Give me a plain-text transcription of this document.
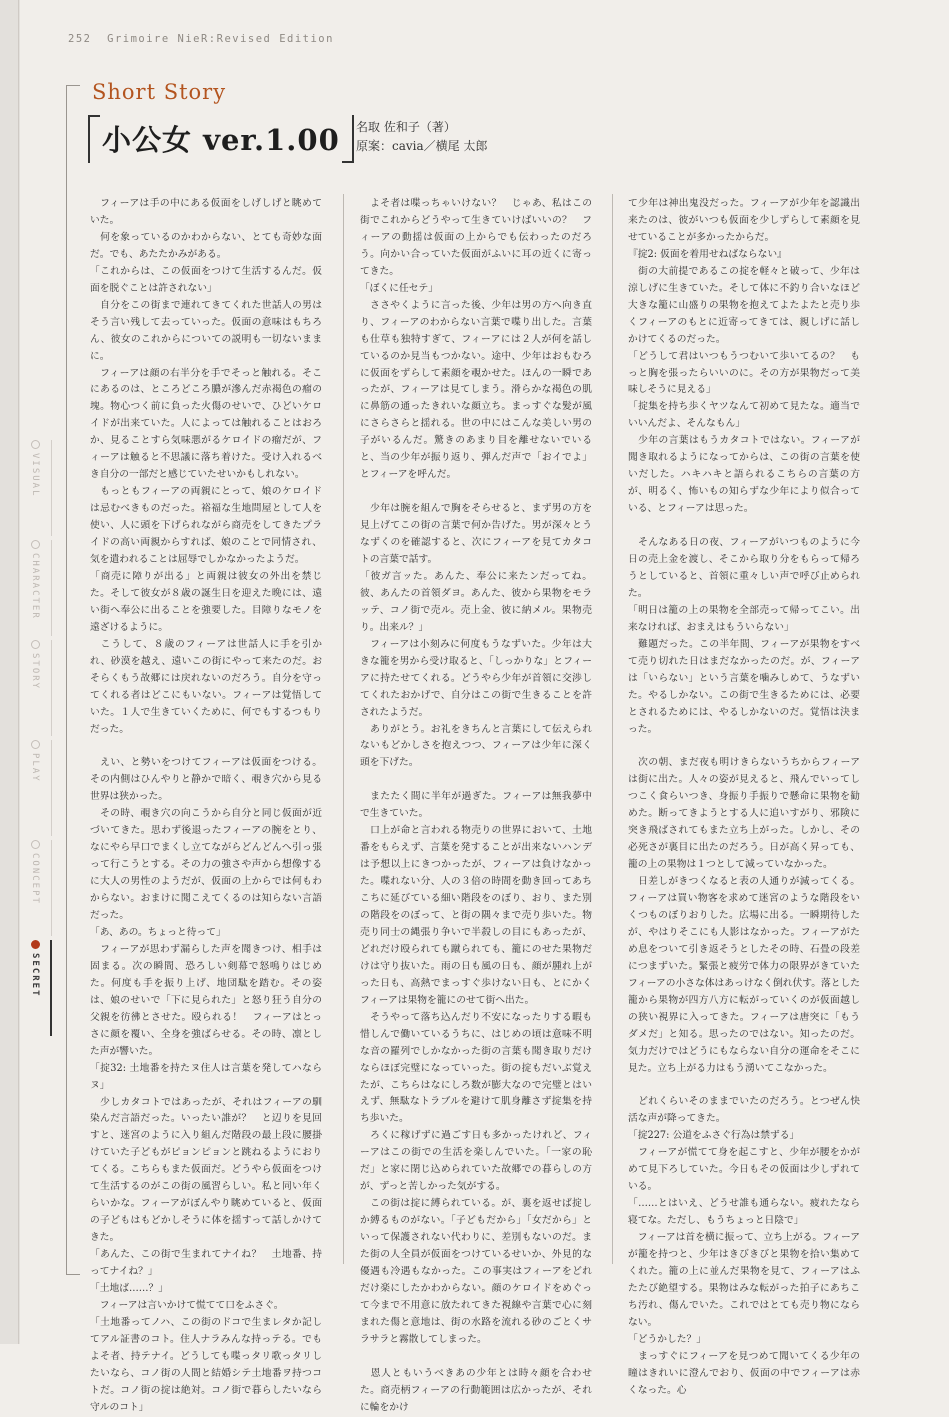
252 Grimoire NieR:Revised Edition
Short Story
小公女 ver.1.00 名取 佐和子（著）
原案：cavia／横尾 太郎
VISUAL
CHARACTER
STORY
PLAY
CONCEPT
SECRET

　フィーアは手の中にある仮面をしげしげと眺めていた。

　何を象っているのかわからない、とても奇妙な面だ。でも、あたたかみがある。

「これからは、この仮面をつけて生活するんだ。仮面を脱ぐことは許されない」

　自分をこの街まで連れてきてくれた世話人の男はそう言い残して去っていった。仮面の意味はもちろん、彼女のこれからについての説明も一切ないままに。

　フィーアは顔の右半分を手でそっと触れる。そこにあるのは、ところどころ膿が滲んだ赤褐色の瘤の塊。物心つく前に負った火傷のせいで、ひどいケロイドが出来ていた。人によっては触れることはおろか、見ることすら気味悪がるケロイドの瘤だが、フィーアは触ると不思議に落ち着けた。受け入れるべき自分の一部だと感じていたせいかもしれない。

　もっともフィーアの両親にとって、娘のケロイドは忌むべきものだった。裕福な生地問屋として人を使い、人に頭を下げられながら商売をしてきたプライドの高い両親からすれば、娘のことで同情され、気を遣われることは屈辱でしかなかったようだ。

「商売に障りが出る」と両親は彼女の外出を禁じた。そして彼女が８歳の誕生日を迎えた晩には、遠い街へ奉公に出ることを強要した。目障りなモノを遠ざけるように。

　こうして、８歳のフィーアは世話人に手を引かれ、砂漠を越え、遠いこの街にやって来たのだ。おそらくもう故郷には戻れないのだろう。自分を守ってくれる者はどこにもいない。フィーアは覚悟していた。１人で生きていくために、何でもするつもりだった。

　えい、と勢いをつけてフィーアは仮面をつける。その内側はひんやりと静かで暗く、覗き穴から見る世界は狭かった。

　その時、覗き穴の向こうから自分と同じ仮面が近づいてきた。思わず後退ったフィーアの腕をとり、なにやら早口でまくし立てながらどんどんへ引っ張って行こうとする。その力の強さや声から想像するに大人の男性のようだが、仮面の上からでは何もわからない。おまけに聞こえてくるのは知らない言語だった。

「あ、あの。ちょっと待って」

　フィーアが思わず漏らした声を聞きつけ、相手は固まる。次の瞬間、恐ろしい剣幕で怒鳴りはじめた。何度も手を振り上げ、地団駄を踏む。その姿は、娘のせいで「下に見られた」と怒り狂う自分の父親を彷彿とさせた。殴られる！　フィーアはとっさに顔を覆い、全身を強ばらせる。その時、凛とした声が響いた。

「掟32: 土地番を持たヌ住人は言葉を発してハならヌ」

　少しカタコトではあったが、それはフィーアの馴染んだ言語だった。いったい誰が？　と辺りを見回すと、迷宮のように入り組んだ階段の最上段に腰掛けていた子どもがピョンピョンと跳ねるようにおりてくる。こちらもまた仮面だ。どうやら仮面をつけて生活するのがこの街の風習らしい。私と同い年くらいかな。フィーアがぽんやり眺めていると、仮面の子どもはもどかしそうに体を揺すって話しかけてきた。

「あんた、この街で生まれてナイね？　土地番、持ってナイね？」

「土地ば……？」

　フィーアは言いかけて慌てて口をふさぐ。

「土地番ってノハ、この街のドコで生まレタか記してアル証書のコト。住人ナラみんな持っテる。でもよそ者、持テナイ。どうしても喋っタリ歌っタリしたいなら、コノ街の人間と結婚シテ土地番ヲ持つコトだ。コノ街の掟は絶対。コノ街で暮らしたいなら守ルのコト」

　よそ者は喋っちゃいけない？　じゃあ、私はこの街でこれからどうやって生きていけばいいの？　フィーアの動揺は仮面の上からでも伝わったのだろう。向かい合っていた仮面がふいに耳の近くに寄ってきた。

「ぼくに任セテ」

　ささやくように言った後、少年は男の方へ向き直り、フィーアのわからない言葉で喋り出した。言葉も仕草も独特すぎて、フィーアには２人が何を話しているのか見当もつかない。途中、少年はおもむろに仮面をずらして素顔を覗かせた。ほんの一瞬であったが、フィーアは見てしまう。滑らかな褐色の肌に鼻筋の通ったきれいな顔立ち。まっすぐな髪が風にさらさらと揺れる。世の中にはこんな美しい男の子がいるんだ。驚きのあまり目を離せないでいると、当の少年が振り返り、弾んだ声で「おイでよ」とフィーアを呼んだ。

　少年は腕を組んで胸をそらせると、まず男の方を見上げてこの街の言葉で何か告げた。男が深々とうなずくのを確認すると、次にフィーアを見てカタコトの言葉で話す。

「彼ガ言ッた。あんた、奉公に来たンだってね。彼、あんたの首領ダヨ。あんた、彼から果物をモラッテ、コノ街で売ル。売上金、彼に納メル。果物売り。出来ル？」

　フィーアは小刻みに何度もうなずいた。少年は大きな籠を男から受け取ると、「しっかりな」とフィーアに持たせてくれる。どうやら少年が首領に交渉してくれたおかげで、自分はこの街で生きることを許されたようだ。

　ありがとう。お礼をきちんと言葉にして伝えられないもどかしさを抱えつつ、フィーアは少年に深く頭を下げた。

　またたく間に半年が過ぎた。フィーアは無我夢中で生きていた。

　口上が命と言われる物売りの世界において、土地番をもらえず、言葉を発することが出来ないハンデは予想以上にきつかったが、フィーアは負けなかった。喋れない分、人の３倍の時間を動き回ってあちこちに延びている細い階段をのぼり、おり、また別の階段をのぼって、と街の隅々まで売り歩いた。物売り同士の縄張り争いで半殺しの目にもあったが、どれだけ殴られても蹴られても、籠にのせた果物だけは守り抜いた。雨の日も風の日も、顔が腫れ上がった日も、高熱でまっすぐ歩けない日も、とにかくフィーアは果物を籠にのせて街へ出た。

　そうやって落ち込んだり不安になったりする暇も惜しんで働いているうちに、はじめの頃は意味不明な音の羅列でしかなかった街の言葉も聞き取りだけならほぼ完璧になっていった。街の掟もだいぶ覚えたが、こちらはなにしろ数が膨大なので完璧とはいえず、無駄なトラブルを避けて肌身離さず掟集を持ち歩いた。

　ろくに稼げずに過ごす日も多かったけれど、フィーアはこの街での生活を楽しんでいた。「一家の恥だ」と家に閉じ込められていた故郷での暮らしの方が、ずっと苦しかった気がする。

　この街は掟に縛られている。が、裏を返せば掟しか縛るものがない。「子どもだから」「女だから」といって保護されない代わりに、差別もないのだ。また街の人全員が仮面をつけているせいか、外見的な優遇も冷遇もなかった。この事実はフィーアをどれだけ楽にしたかわからない。顔のケロイドをめぐって今まで不用意に放たれてきた視線や言葉で心に刻まれた傷と意地は、街の水路を流れる砂のごとくサラサラと霧散してしまった。

　恩人ともいうべきあの少年とは時々顔を合わせた。商売柄フィーアの行動範囲は広かったが、それに輪をかけ

て少年は神出鬼没だった。フィーアが少年を認識出来たのは、彼がいつも仮面を少しずらして素顔を見せていることが多かったからだ。

『掟2: 仮面を着用せねばならない』

　街の大前提であるこの掟を軽々と破って、少年は涼しげに生きていた。そして体に不釣り合いなほど大きな籠に山盛りの果物を抱えてよたよたと売り歩くフィーアのもとに近寄ってきては、親しげに話しかけてくるのだった。

「どうして君はいつもうつむいて歩いてるの？　もっと胸を張ったらいいのに。その方が果物だって美味しそうに見える」

「掟集を持ち歩くヤツなんて初めて見たな。適当でいいんだよ、そんなもん」

　少年の言葉はもうカタコトではない。フィーアが聞き取れるようになってからは、この街の言葉を使いだした。ハキハキと語られるこちらの言葉の方が、明るく、怖いもの知らずな少年により似合っている、とフィーアは思った。

　そんなある日の夜、フィーアがいつものように今日の売上金を渡し、そこから取り分をもらって帰ろうとしていると、首領に重々しい声で呼び止められた。

「明日は籠の上の果物を全部売って帰ってこい。出来なければ、おまえはもういらない」

　難題だった。この半年間、フィーアが果物をすべて売り切れた日はまだなかったのだ。が、フィーアは「いらない」という言葉を噛みしめて、うなずいた。やるしかない。この街で生きるためには、必要とされるためには、やるしかないのだ。覚悟は決まった。

　次の朝、まだ夜も明けきらないうちからフィーアは街に出た。人々の姿が見えると、飛んでいってしつこく食らいつき、身振り手振りで懸命に果物を勧めた。断ってきようとする人に追いすがり、邪険に突き飛ばされてもまた立ち上がった。しかし、その必死さが裏目に出たのだろう。日が高く昇っても、籠の上の果物は１つとして減っていなかった。

　日差しがきつくなると表の人通りが減ってくる。フィーアは買い物客を求めて迷宮のような階段をいくつものぼりおりした。広場に出る。一瞬期待したが、やはりそこにも人影はなかった。フィーアがため息をついて引き返そうとしたその時、石畳の段差につまずいた。緊張と疲労で体力の限界がきていたフィーアの小さな体はあっけなく倒れ伏す。落とした籠から果物が四方八方に転がっていくのが仮面越しの狭い視界に入ってきた。フィーアは唐突に「もうダメだ」と知る。思ったのではない。知ったのだ。気力だけではどうにもならない自分の運命をそこに見た。立ち上がる力はもう湧いてこなかった。

　どれくらいそのままでいたのだろう。とつぜん快活な声が降ってきた。

「掟227: 公道をふさぐ行為は禁ずる」

　フィーアが慌てて身を起こすと、少年が腰をかがめて見下ろしていた。今日もその仮面は少しずれている。

「……とはいえ、どうせ誰も通らない。疲れたなら寝てな。ただし、もうちょっと日陰で」

　フィーアは首を横に振って、立ち上がる。フィーアが籠を持つと、少年はきびきびと果物を拾い集めてくれた。籠の上に並んだ果物を見て、フィーアはふたたび絶望する。果物はみな転がった拍子にあちこち汚れ、傷んでいた。これではとても売り物にならない。

「どうかした？」

　まっすぐにフィーアを見つめて聞いてくる少年の瞳はきれいに澄んでおり、仮面の中でフィーアは赤くなった。心
